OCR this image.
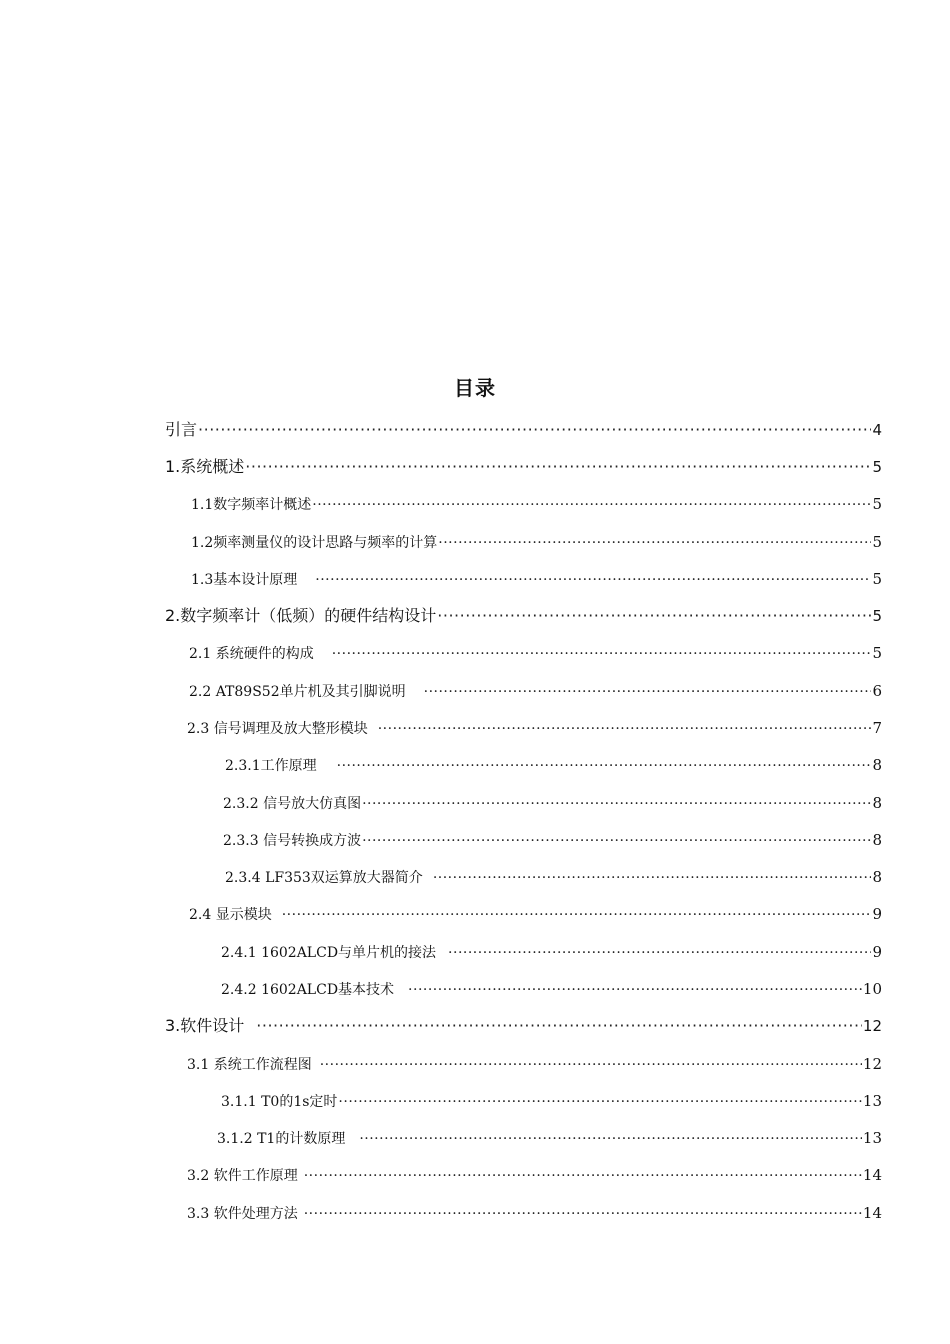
目录
引言 ·····	4
1.系统概述 ·····	5
1.1数字频率计概述 ·····	5
1.2频率测量仪的设计思路与频率的计算 ·····	5
1.3基本设计原理 ·····	5
2.数字频率计（低频）的硬件结构设计 ·····	5
2.1 系统硬件的构成 ·····	5
2.2 AT89S52单片机及其引脚说明 ·····	6
2.3 信号调理及放大整形模块 ·····	7
2.3.1工作原理 ·····	8
2.3.2 信号放大仿真图 ·····	8
2.3.3 信号转换成方波 ·····	8
2.3.4 LF353双运算放大器简介 ·····	8
2.4 显示模块 ·····	9
2.4.1 1602ALCD与单片机的接法 ·····	9
2.4.2 1602ALCD基本技术 ·····	10
3.软件设计 ·····	12
3.1 系统工作流程图 ·····	12
3.1.1 T0的1s定时 ·····	13
3.1.2 T1的计数原理 ·····	13
3.2 软件工作原理 ·····	14
3.3 软件处理方法 ·····	14
